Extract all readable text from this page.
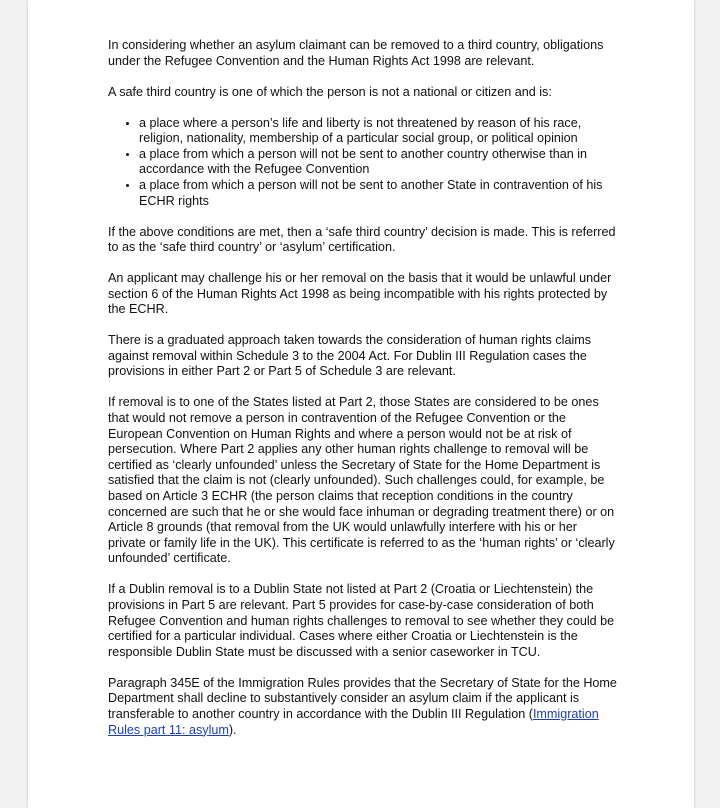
In considering whether an asylum claimant can be removed to a third country, obligations under the Refugee Convention and the Human Rights Act 1998 are relevant.

A safe third country is one of which the person is not a national or citizen and is:

• a place where a person’s life and liberty is not threatened by reason of his race, religion, nationality, membership of a particular social group, or political opinion
• a place from which a person will not be sent to another country otherwise than in accordance with the Refugee Convention
• a place from which a person will not be sent to another State in contravention of his ECHR rights

If the above conditions are met, then a ‘safe third country’ decision is made. This is referred to as the ‘safe third country’ or ‘asylum’ certification.

An applicant may challenge his or her removal on the basis that it would be unlawful under section 6 of the Human Rights Act 1998 as being incompatible with his rights protected by the ECHR.

There is a graduated approach taken towards the consideration of human rights claims against removal within Schedule 3 to the 2004 Act. For Dublin III Regulation cases the provisions in either Part 2 or Part 5 of Schedule 3 are relevant.

If removal is to one of the States listed at Part 2, those States are considered to be ones that would not remove a person in contravention of the Refugee Convention or the European Convention on Human Rights and where a person would not be at risk of persecution. Where Part 2 applies any other human rights challenge to removal will be certified as ‘clearly unfounded’ unless the Secretary of State for the Home Department is satisfied that the claim is not (clearly unfounded). Such challenges could, for example, be based on Article 3 ECHR (the person claims that reception conditions in the country concerned are such that he or she would face inhuman or degrading treatment there) or on Article 8 grounds (that removal from the UK would unlawfully interfere with his or her private or family life in the UK). This certificate is referred to as the ‘human rights’ or ‘clearly unfounded’ certificate.

If a Dublin removal is to a Dublin State not listed at Part 2 (Croatia or Liechtenstein) the provisions in Part 5 are relevant. Part 5 provides for case-by-case consideration of both Refugee Convention and human rights challenges to removal to see whether they could be certified for a particular individual. Cases where either Croatia or Liechtenstein is the responsible Dublin State must be discussed with a senior caseworker in TCU.

Paragraph 345E of the Immigration Rules provides that the Secretary of State for the Home Department shall decline to substantively consider an asylum claim if the applicant is transferable to another country in accordance with the Dublin III Regulation (Immigration Rules part 11: asylum).
